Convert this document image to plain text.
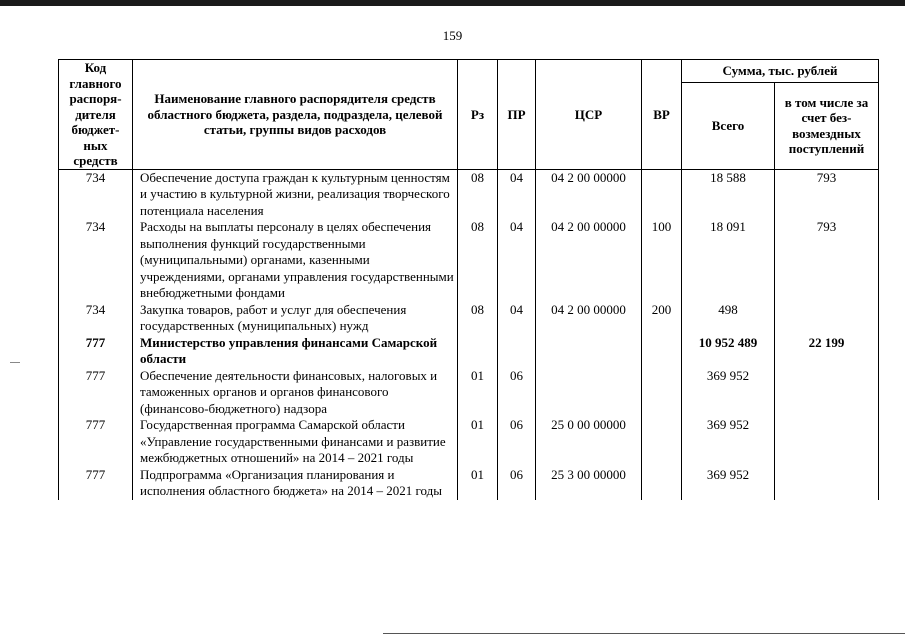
159
Код главного распоря-дителя бюджет-ных средств	Наименование главного распорядителя средств областного бюджета, раздела, подраздела, целевой статьи, группы видов расходов	Рз	ПР	ЦСР	ВР	Сумма, тыс. рублей	
						Всего	в том числе за счет без-возмездных поступлений
734	Обеспечение доступа граждан к культурным ценностям и участию в культурной жизни, реализация творческого потенциала населения	08	04	04 2 00 00000		18 588	793
734	Расходы на выплаты персоналу в целях обеспечения выполнения функций государственными (муниципальными) органами, казенными учреждениями, органами управления государственными внебюджетными фондами	08	04	04 2 00 00000	100	18 091	793
734	Закупка товаров, работ и услуг для обеспечения государственных (муниципальных) нужд	08	04	04 2 00 00000	200	498	
777	Министерство управления финансами Самарской области					10 952 489	22 199
777	Обеспечение деятельности финансовых, налоговых и таможенных органов и органов финансового (финансово-бюджетного) надзора	01	06			369 952	
777	Государственная программа Самарской области «Управление государственными финансами и развитие межбюджетных отношений» на 2014 – 2021 годы	01	06	25 0 00 00000		369 952	
777	Подпрограмма «Организация планирования и исполнения областного бюджета» на 2014 – 2021 годы	01	06	25 3 00 00000		369 952	
